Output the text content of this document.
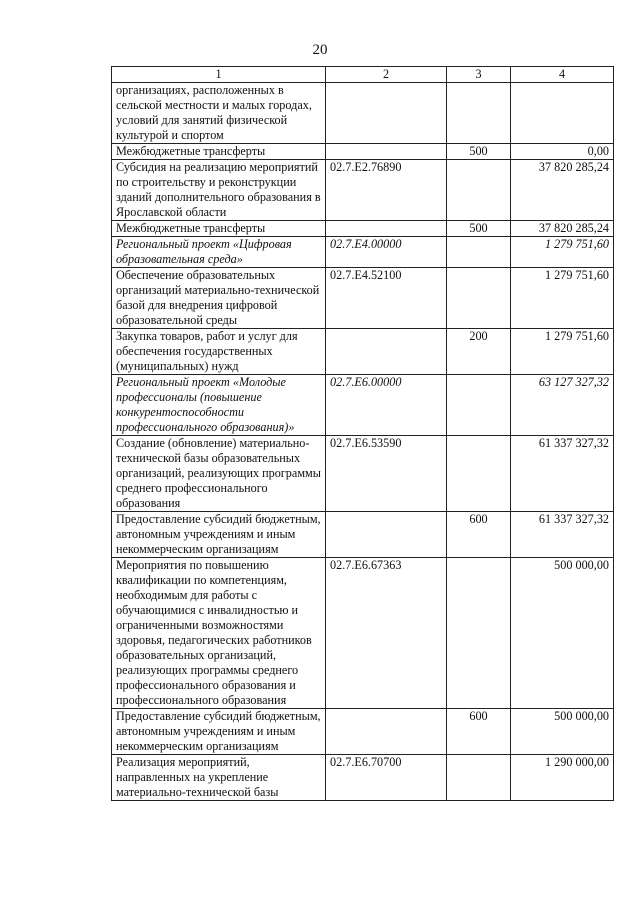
20
1	2	3	4
организациях, расположенных в сельской местности и малых городах, условий для занятий физической культурой и спортом			
Межбюджетные трансферты		500	0,00
Субсидия на реализацию мероприятий по строительству и реконструкции зданий дополнительного образования в Ярославской области	02.7.E2.76890		37 820 285,24
Межбюджетные трансферты		500	37 820 285,24
Региональный проект «Цифровая образовательная среда»	02.7.E4.00000		1 279 751,60
Обеспечение образовательных организаций материально-технической базой для внедрения цифровой образовательной среды	02.7.E4.52100		1 279 751,60
Закупка товаров, работ и услуг для обеспечения государственных (муниципальных) нужд		200	1 279 751,60
Региональный проект «Молодые профессионалы (повышение конкурентоспособности профессионального образования)»	02.7.E6.00000		63 127 327,32
Создание (обновление) материально-технической базы образовательных организаций, реализующих программы среднего профессионального образования	02.7.E6.53590		61 337 327,32
Предоставление субсидий бюджетным, автономным учреждениям и иным некоммерческим организациям		600	61 337 327,32
Мероприятия по повышению квалификации по компетенциям, необходимым для работы с обучающимися с инвалидностью и ограниченными возможностями здоровья, педагогических работников образовательных организаций, реализующих программы среднего профессионального образования и профессионального образования	02.7.E6.67363		500 000,00
Предоставление субсидий бюджетным, автономным учреждениям и иным некоммерческим организациям		600	500 000,00
Реализация мероприятий, направленных на укрепление материально-технической базы	02.7.E6.70700		1 290 000,00
